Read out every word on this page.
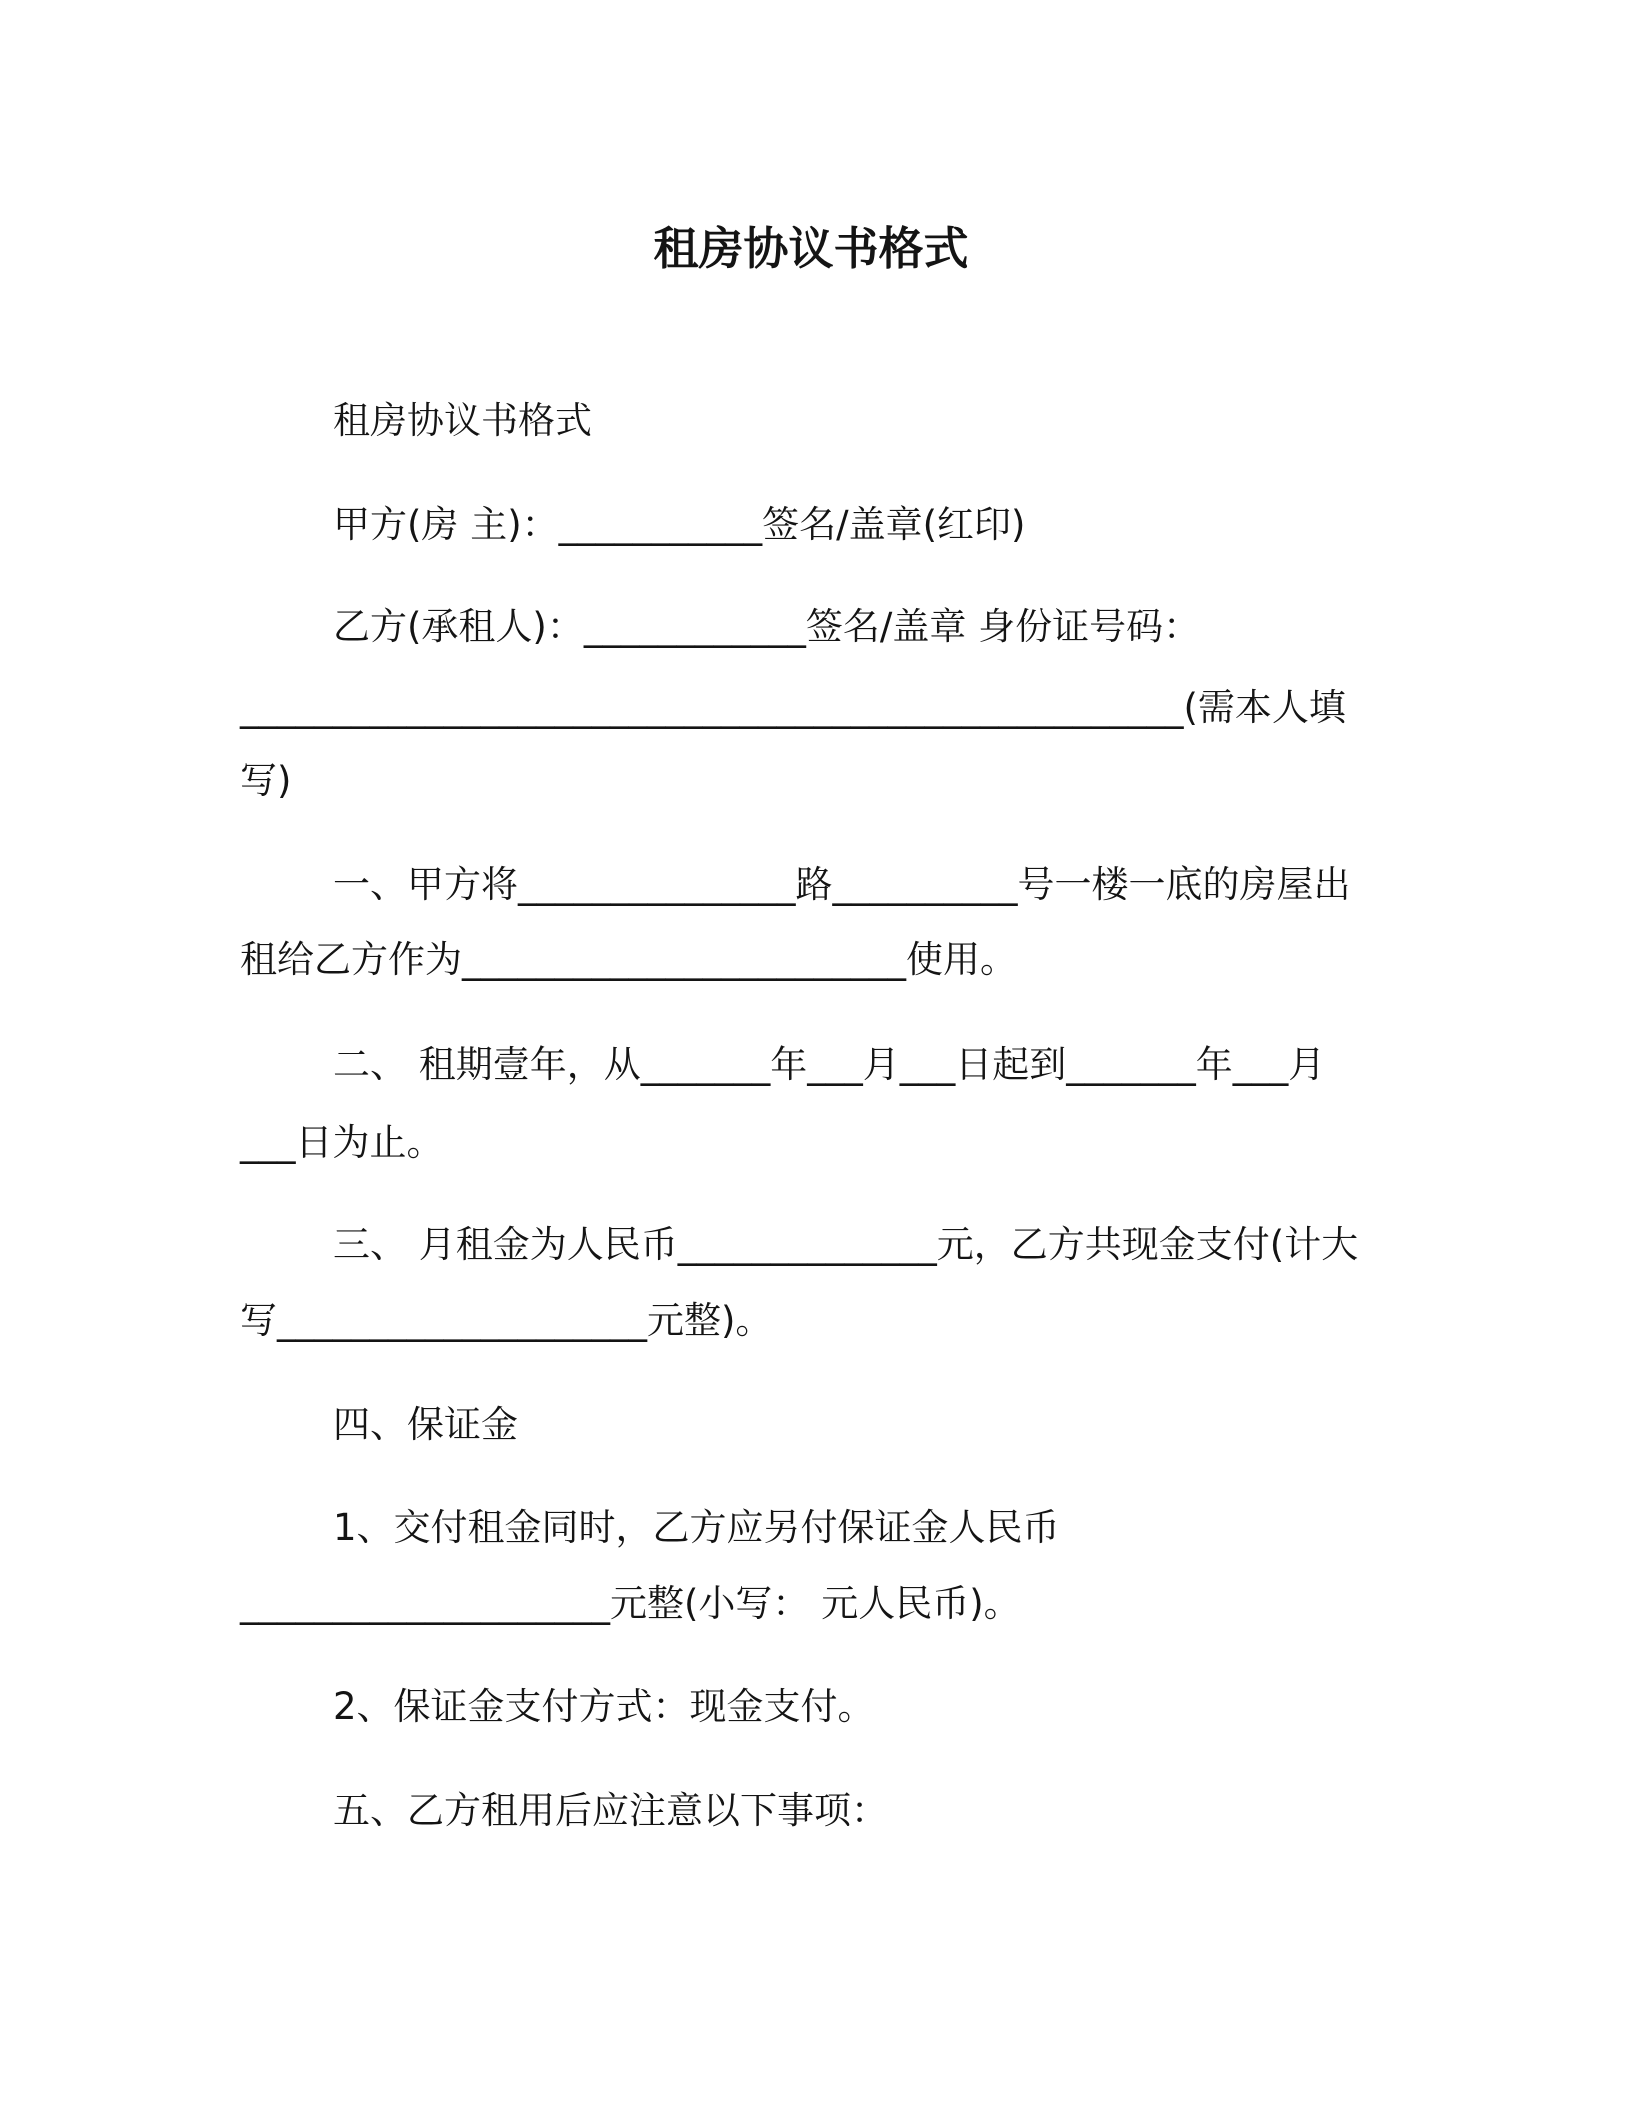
租房协议书格式
租房协议书格式
甲方(房 主)：___________签名/盖章(红印)
乙方(承租人)：____________签名/盖章 身份证号码：
___________________________________________________(需本人填
写)
一、甲方将_______________路__________号一楼一底的房屋出
租给乙方作为________________________使用。
二、 租期壹年，从_______年___月___日起到_______年___月
___日为止。
三、 月租金为人民币______________元，乙方共现金支付(计大
写____________________元整)。
四、保证金
1、交付租金同时，乙方应另付保证金人民币
____________________元整(小写： 元人民币)。
2、保证金支付方式：现金支付。
五、乙方租用后应注意以下事项：
